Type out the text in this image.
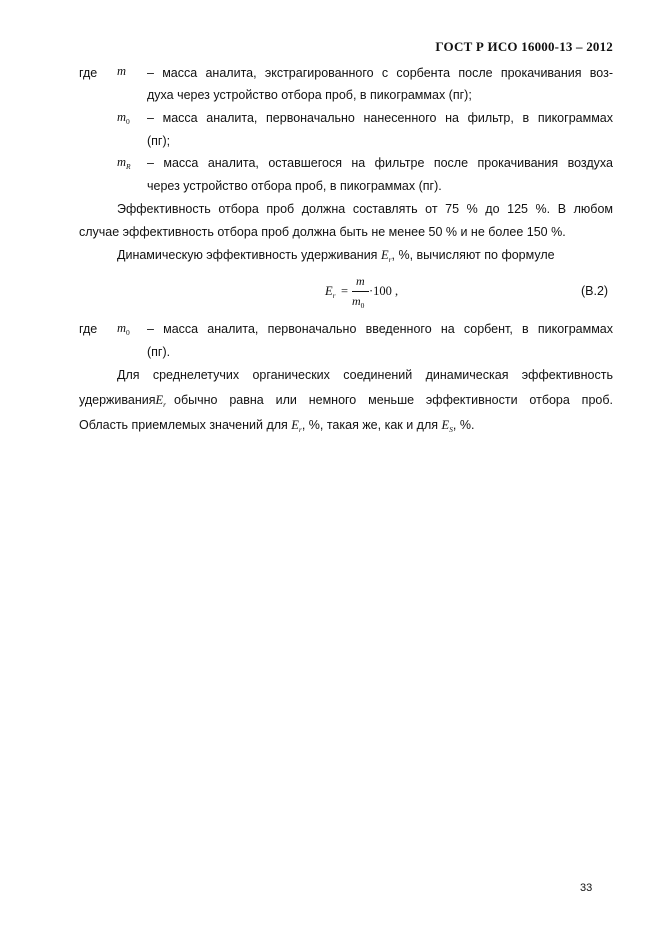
ГОСТ Р ИСО 16000-13 – 2012
где m – масса аналита, экстрагированного с сорбента после прокачивания воз-
духа через устройство отбора проб, в пикограммах (пг);
$m_0$ – масса аналита, первоначально нанесенного на фильтр, в пикограммах
(пг);
$m_R$ – масса аналита, оставшегося на фильтре после прокачивания воздуха
через устройство отбора проб, в пикограммах (пг).
Эффективность отбора проб должна составлять от 75 % до 125 %. В любом
случае эффективность отбора проб должна быть не менее 50 % и не более 150 %.
Динамическую эффективность удерживания $E_r$, %, вычисляют по формуле
$E_r$ =
m
$m_0$
·100 ,	(В.2)
где $m_0$ – масса аналита, первоначально введенного на сорбент, в пикограммах
(пг).
Для среднелетучих органических соединений динамическая эффективность
удерживания $E_r$ обычно равна или немного меньше эффективности отбора проб.
Область приемлемых значений для $E_r$, %, такая же, как и для $E_S$, %.
33
